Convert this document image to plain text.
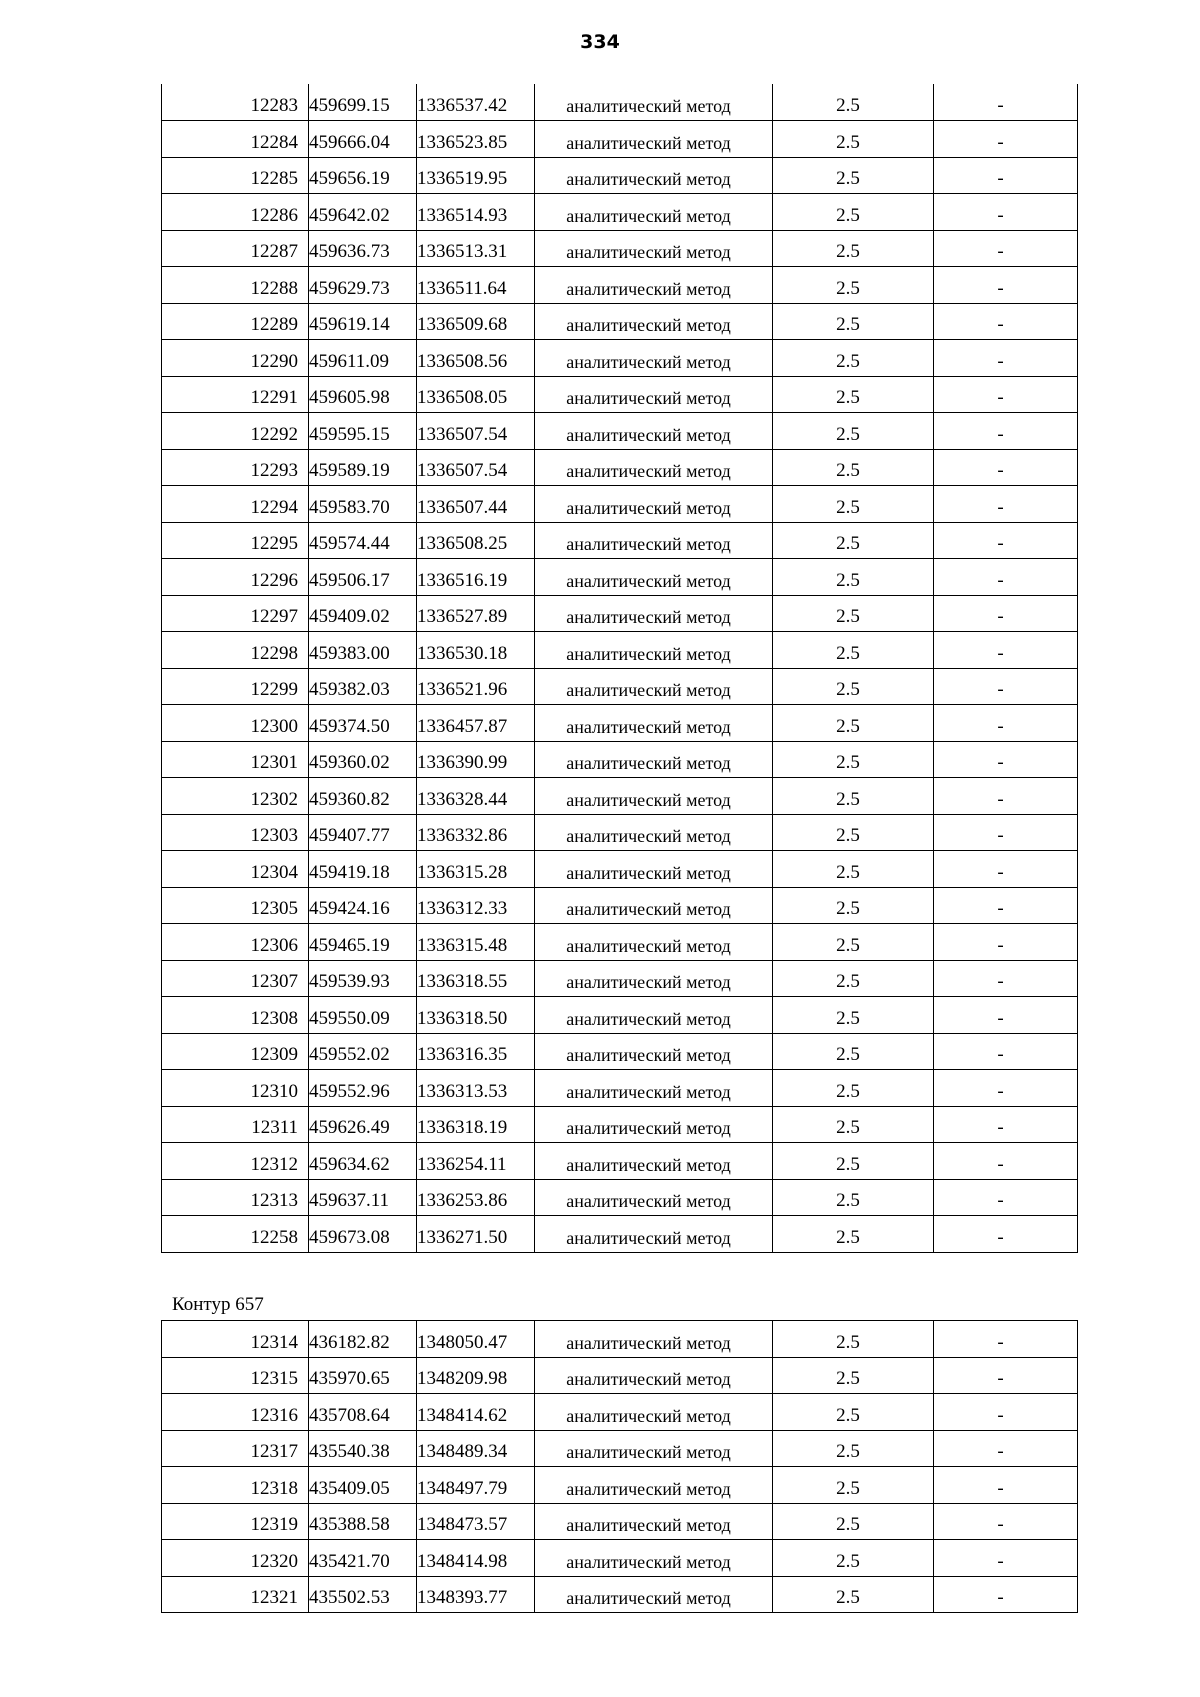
334
12283	459699.15	1336537.42	аналитический метод	2.5	-
12284	459666.04	1336523.85	аналитический метод	2.5	-
12285	459656.19	1336519.95	аналитический метод	2.5	-
12286	459642.02	1336514.93	аналитический метод	2.5	-
12287	459636.73	1336513.31	аналитический метод	2.5	-
12288	459629.73	1336511.64	аналитический метод	2.5	-
12289	459619.14	1336509.68	аналитический метод	2.5	-
12290	459611.09	1336508.56	аналитический метод	2.5	-
12291	459605.98	1336508.05	аналитический метод	2.5	-
12292	459595.15	1336507.54	аналитический метод	2.5	-
12293	459589.19	1336507.54	аналитический метод	2.5	-
12294	459583.70	1336507.44	аналитический метод	2.5	-
12295	459574.44	1336508.25	аналитический метод	2.5	-
12296	459506.17	1336516.19	аналитический метод	2.5	-
12297	459409.02	1336527.89	аналитический метод	2.5	-
12298	459383.00	1336530.18	аналитический метод	2.5	-
12299	459382.03	1336521.96	аналитический метод	2.5	-
12300	459374.50	1336457.87	аналитический метод	2.5	-
12301	459360.02	1336390.99	аналитический метод	2.5	-
12302	459360.82	1336328.44	аналитический метод	2.5	-
12303	459407.77	1336332.86	аналитический метод	2.5	-
12304	459419.18	1336315.28	аналитический метод	2.5	-
12305	459424.16	1336312.33	аналитический метод	2.5	-
12306	459465.19	1336315.48	аналитический метод	2.5	-
12307	459539.93	1336318.55	аналитический метод	2.5	-
12308	459550.09	1336318.50	аналитический метод	2.5	-
12309	459552.02	1336316.35	аналитический метод	2.5	-
12310	459552.96	1336313.53	аналитический метод	2.5	-
12311	459626.49	1336318.19	аналитический метод	2.5	-
12312	459634.62	1336254.11	аналитический метод	2.5	-
12313	459637.11	1336253.86	аналитический метод	2.5	-
12258	459673.08	1336271.50	аналитический метод	2.5	-
Контур 657
12314	436182.82	1348050.47	аналитический метод	2.5	-
12315	435970.65	1348209.98	аналитический метод	2.5	-
12316	435708.64	1348414.62	аналитический метод	2.5	-
12317	435540.38	1348489.34	аналитический метод	2.5	-
12318	435409.05	1348497.79	аналитический метод	2.5	-
12319	435388.58	1348473.57	аналитический метод	2.5	-
12320	435421.70	1348414.98	аналитический метод	2.5	-
12321	435502.53	1348393.77	аналитический метод	2.5	-
